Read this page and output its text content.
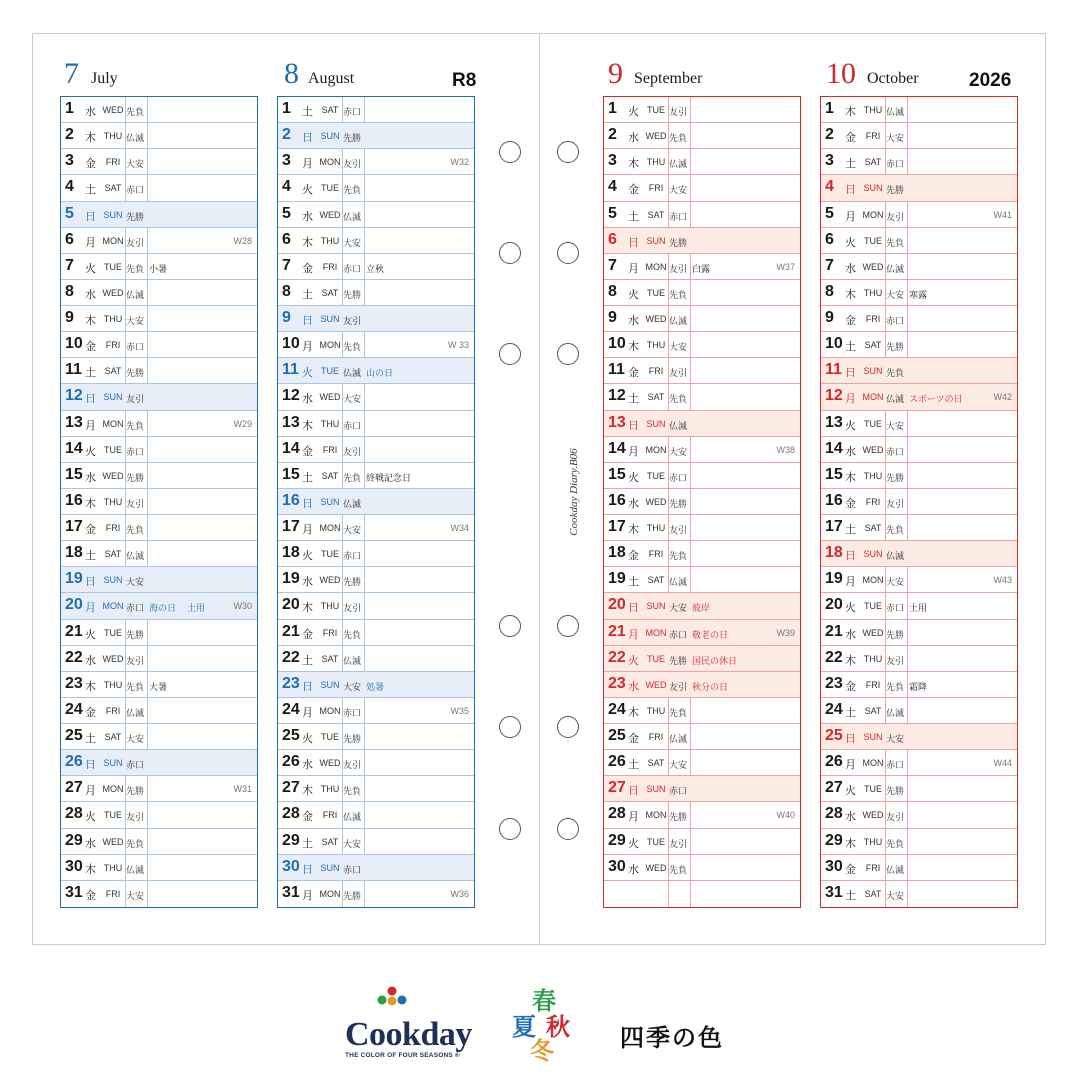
7 July	8 August	R8	9 September	10 October	2026
1	水 WED 先負
2	木 THU 仏滅
3	金	FRI 大安
4	土 SAT 赤口
5	日 SUN 先勝
6	月 MON 友引	W28
7	火 TUE 先負 小暑
8	水 WED 仏滅
9	木 THU 大安
10 金	FRI 赤口
11 土 SAT 先勝
12 日 SUN 友引
13 月 MON 先負	W29
14 火 TUE 赤口
15 水 WED 先勝
16 木 THU 友引
17 金	FRI 先負
18 土 SAT 仏滅
19 日 SUN 大安
20 月 MON 赤口 海の日 土用	W30
21 火 TUE 先勝
22 水 WED 友引
23 木 THU 先負 大暑
24 金	FRI 仏滅
25 土 SAT 大安
26 日 SUN 赤口
27 月 MON 先勝	W31
28 火 TUE 友引
29 水 WED 先負
30 木 THU 仏滅
31 金	FRI 大安
1	土 SAT 赤口
2	日 SUN 先勝
3	月 MON 友引	W32
4	火 TUE 先負
5	水 WED 仏滅
6	木 THU 大安
7	金	FRI 赤口 立秋
8	土 SAT 先勝
9	日 SUN 友引
10 月 MON 先負	W 33
11 火 TUE 仏滅 山の日
12 水 WED 大安
13 木 THU 赤口
14 金	FRI 友引
15 土 SAT 先負 終戦記念日
16 日 SUN 仏滅
17 月 MON 大安	W34
18 火 TUE 赤口
19 水 WED 先勝
20 木 THU 友引
21 金	FRI 先負
22 土 SAT 仏滅
23 日 SUN 大安 処暑
24 月 MON 赤口	W35
25 火 TUE 先勝
26 水 WED 友引
27 木 THU 先負
28 金	FRI 仏滅
29 土 SAT 大安
30 日 SUN 赤口
31 月 MON 先勝	W36
1	火 TUE 友引
2	水 WED 先負
3	木 THU 仏滅
4	金	FRI 大安
5	土 SAT 赤口
6	日 SUN 先勝
7	月 MON 友引 白露	W37
8	火 TUE 先負
9	水 WED 仏滅
10 木 THU 大安
11 金	FRI 友引
12 土 SAT 先負
13 日 SUN 仏滅
14 月 MON 大安	W38
15 火 TUE 赤口
16 水 WED 先勝
17 木 THU 友引
18 金	FRI 先負
19 土 SAT 仏滅
20 日 SUN 大安 彼岸
21 月 MON 赤口 敬老の日	W39
22 火 TUE 先勝 国民の休日
23 水 WED 友引 秋分の日
24 木 THU 先負
25 金	FRI 仏滅
26 土 SAT 大安
27 日 SUN 赤口
28 月 MON 先勝	W40
29 火 TUE 友引
30 水 WED 先負
1	木 THU 仏滅
2	金	FRI 大安
3	土 SAT 赤口
4	日 SUN 先勝
5	月 MON 友引	W41
6	火 TUE 先負
7	水 WED 仏滅
8	木 THU 大安 寒露
9	金	FRI 赤口
10 土 SAT 先勝
11 日 SUN 先負
12 月 MON 仏滅 スポーツの日	W42
13 火 TUE 大安
14 水 WED 赤口
15 木 THU 先勝
16 金	FRI 友引
17 土 SAT 先負
18 日 SUN 仏滅
19 月 MON 大安	W43
20 火 TUE 赤口 土用
21 水 WED 先勝
22 木 THU 友引
23 金	FRI 先負 霜降
24 土 SAT 仏滅
25 日 SUN 大安
26 月 MON 赤口	W44
27 火 TUE 先勝
28 水 WED 友引
29 木 THU 先負
30 金	FRI 仏滅
31 土 SAT 大安
Cookday Diary.B06
Cookday
THE COLOR OF FOUR SEASONS ®
春
夏 秋
冬	四季の色
